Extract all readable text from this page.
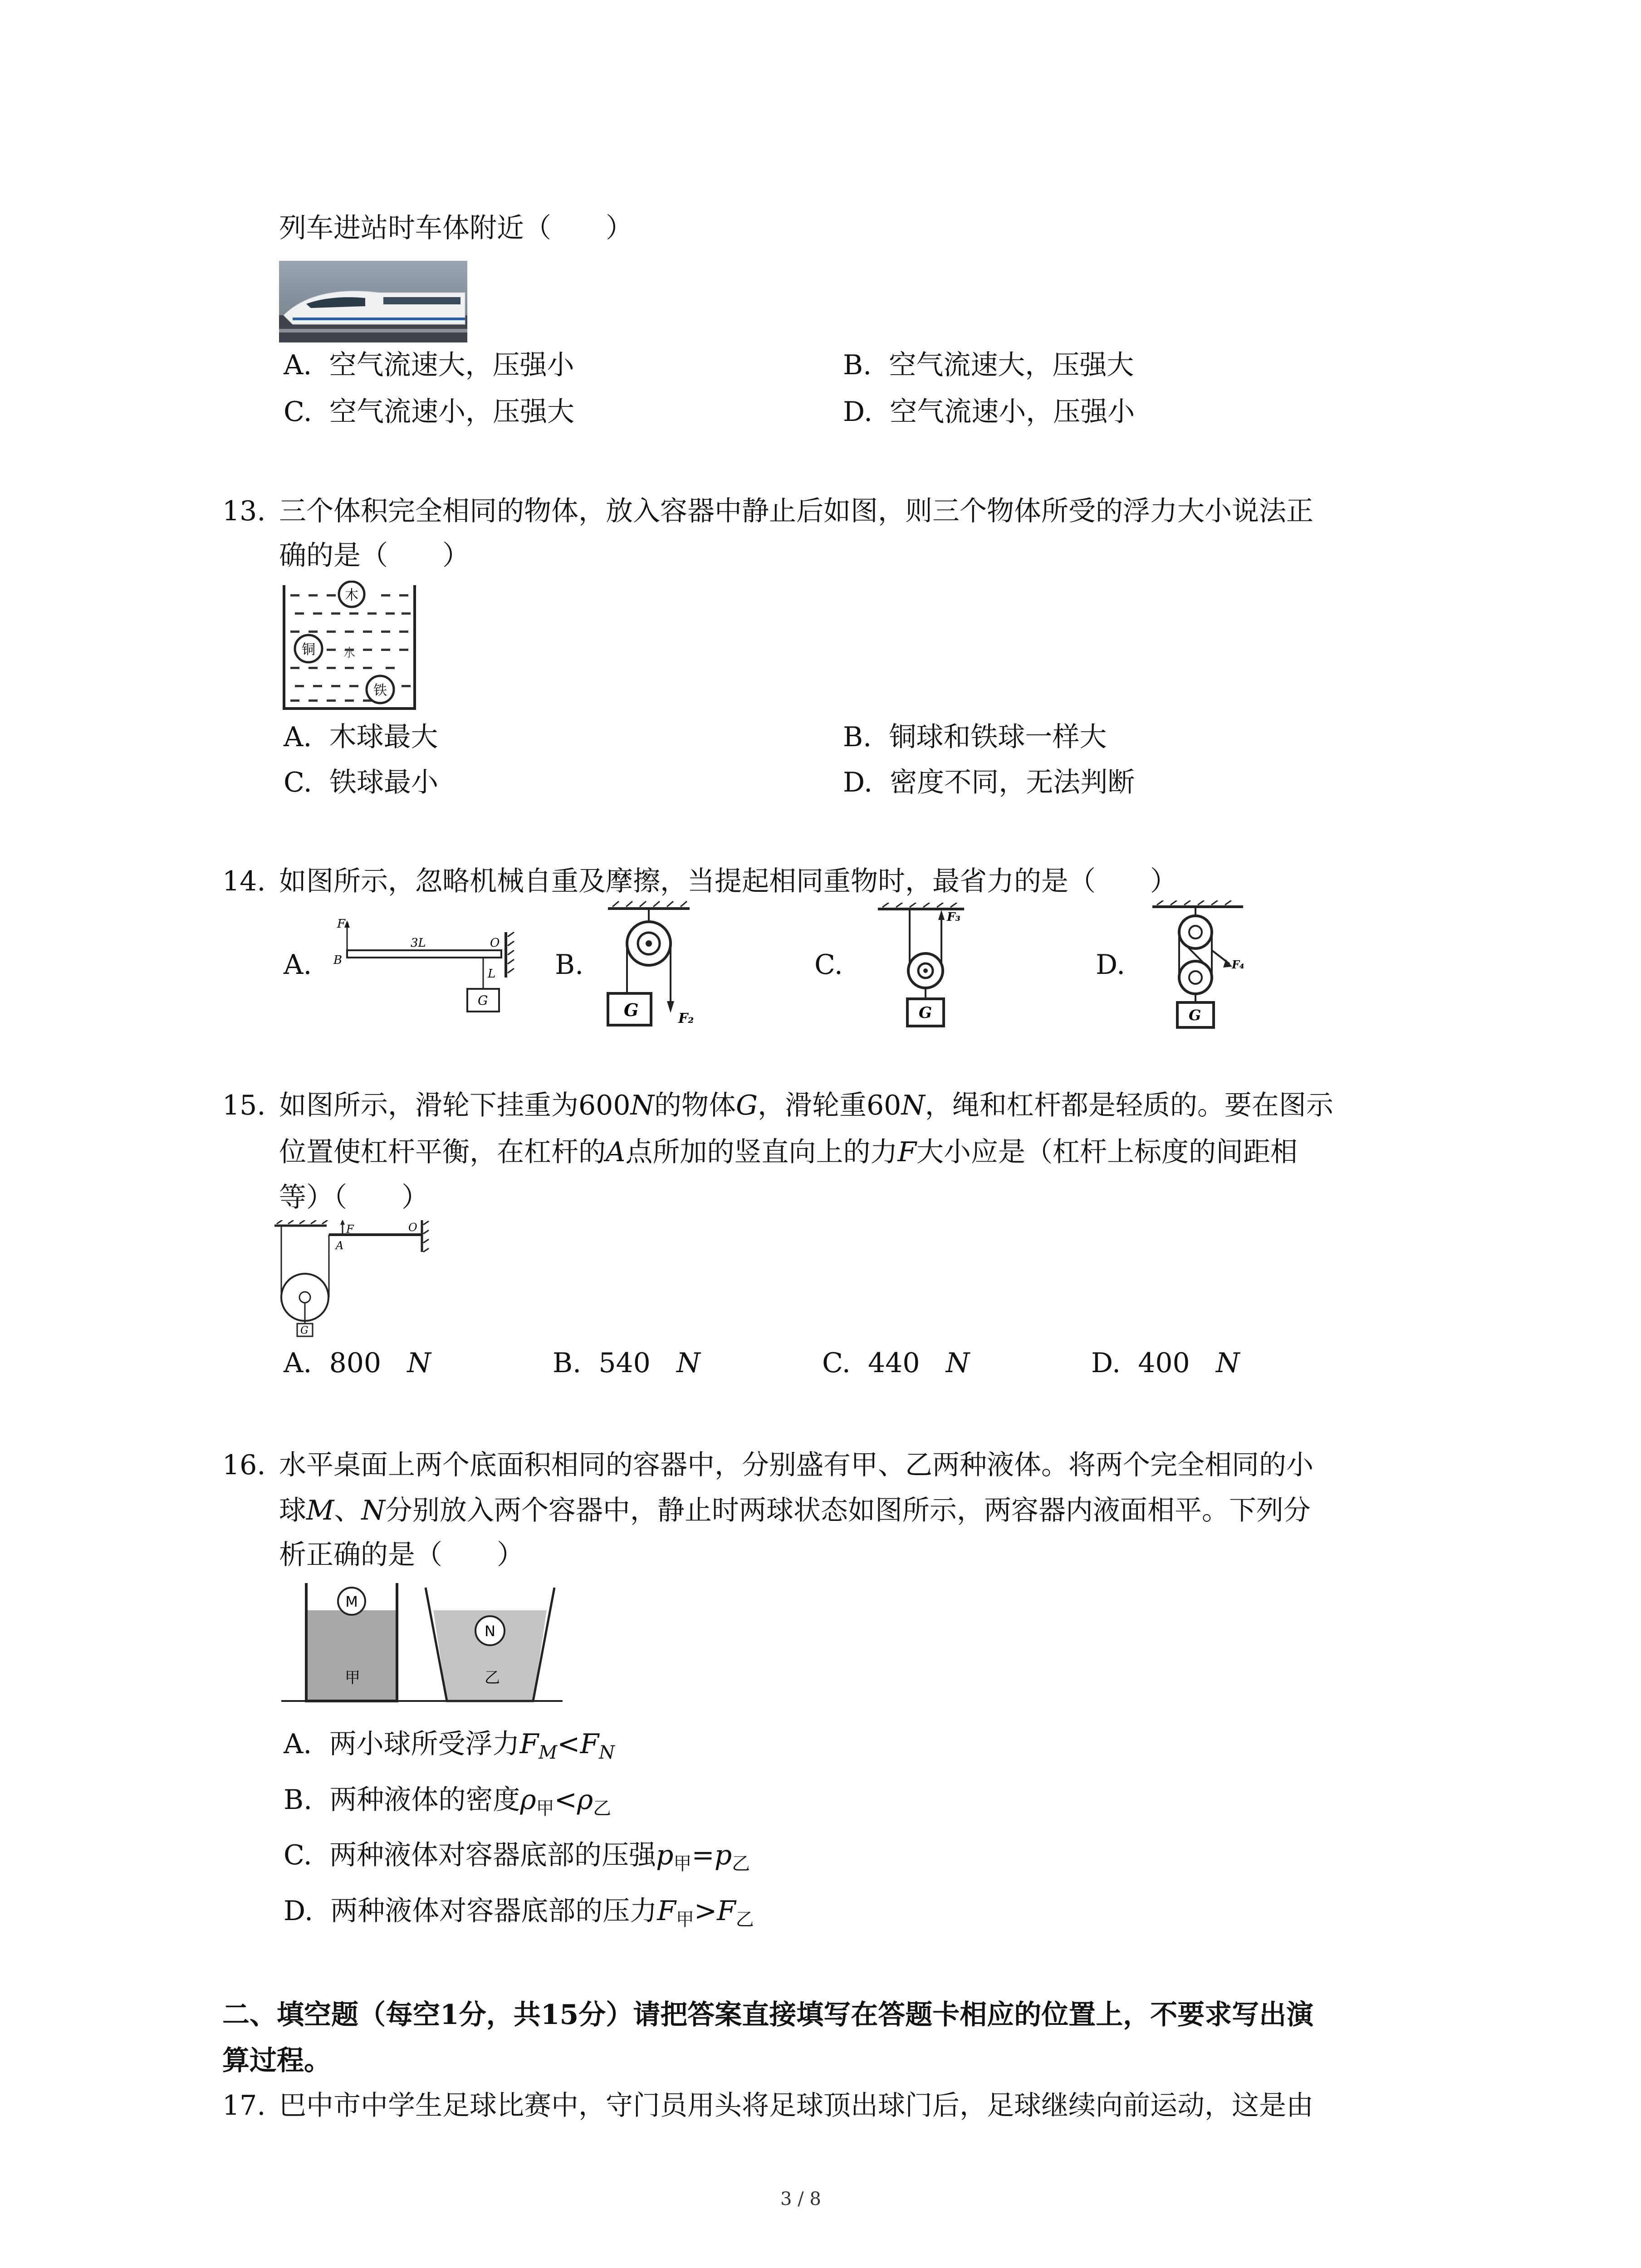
列车进站时车体附近（　　）
A. 空气流速大，压强小	B. 空气流速大，压强大
C. 空气流速小，压强大	D. 空气流速小，压强小
13. 三个体积完全相同的物体，放入容器中静止后如图，则三个物体所受的浮力大小说法正
确的是（　　）
木
铜
铁
水
A. 木球最大	B. 铜球和铁球一样大
C. 铁球最小	D. 密度不同，无法判断
14. 如图所示，忽略机械自重及摩擦，当提起相同重物时，最省力的是（　　）
A.
F₁
B
3L	O
L
G
B.
G	F₂
C.
G
F₃
D.
G
F₄
15. 如图所示，滑轮下挂重为600N的物体G，滑轮重60N，绳和杠杆都是轻质的。要在图示
位置使杠杆平衡，在杠杆的A点所加的竖直向上的力F大小应是（杠杆上标度的间距相
等）（　　）
F
A
O
G
A. 800 N	B. 540 N	C. 440 N	D. 400 N
16. 水平桌面上两个底面积相同的容器中，分别盛有甲、乙两种液体。将两个完全相同的小
球M、N分别放入两个容器中，静止时两球状态如图所示，两容器内液面相平。下列分
析正确的是（　　）
M
甲
N
乙
A. 两小球所受浮力$F_M<F_N$
B. 两种液体的密度$\rho_甲<\rho_乙$
C. 两种液体对容器底部的压强$p_甲=p_乙$
D. 两种液体对容器底部的压力$F_甲>F_乙$
二、填空题（每空1分，共15分）请把答案直接填写在答题卡相应的位置上，不要求写出演
算过程。
17. 巴中市中学生足球比赛中，守门员用头将足球顶出球门后，足球继续向前运动，这是由
3 / 8
